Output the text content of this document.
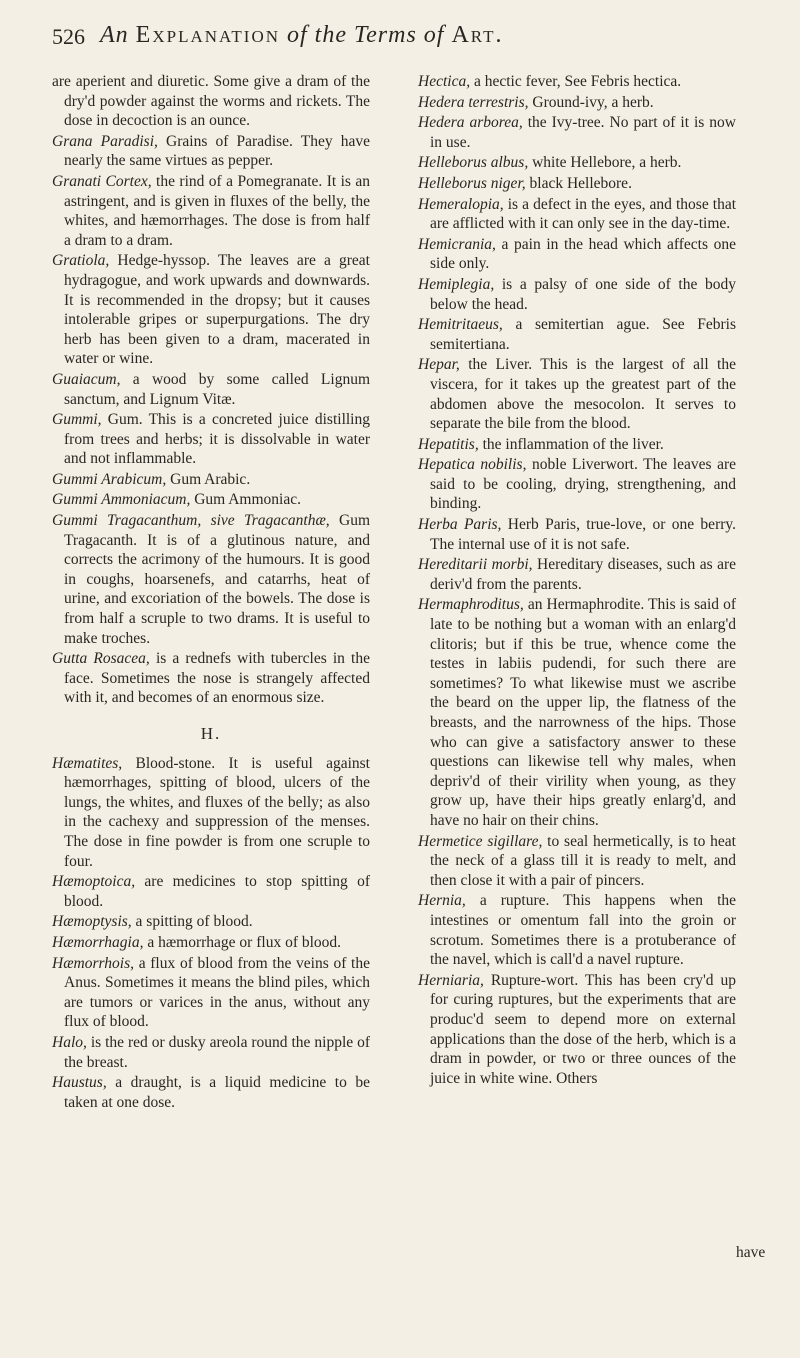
526 An Explanation of the Terms of Art.

are aperient and diuretic. Some give a dram of the dry'd powder against the worms and rickets. The dose in decoction is an ounce.

Grana Paradisi, Grains of Paradise. They have nearly the same virtues as pepper.

Granati Cortex, the rind of a Pomegranate. It is an astringent, and is given in fluxes of the belly, the whites, and hæmorrhages. The dose is from half a dram to a dram.

Gratiola, Hedge-hyssop. The leaves are a great hydragogue, and work upwards and downwards. It is recommended in the dropsy; but it causes intolerable gripes or superpurgations. The dry herb has been given to a dram, macerated in water or wine.

Guaiacum, a wood by some called Lignum sanctum, and Lignum Vitæ.

Gummi, Gum. This is a concreted juice distilling from trees and herbs; it is dissolvable in water and not inflammable.

Gummi Arabicum, Gum Arabic.

Gummi Ammoniacum, Gum Ammoniac.

Gummi Tragacanthum, sive Tragacanthæ, Gum Tragacanth. It is of a glutinous nature, and corrects the acrimony of the humours. It is good in coughs, hoarsenefs, and catarrhs, heat of urine, and excoriation of the bowels. The dose is from half a scruple to two drams. It is useful to make troches.

Gutta Rosacea, is a rednefs with tubercles in the face. Sometimes the nose is strangely affected with it, and becomes of an enormous size.

H.

Hæmatites, Blood-stone. It is useful against hæmorrhages, spitting of blood, ulcers of the lungs, the whites, and fluxes of the belly; as also in the cachexy and suppression of the menses. The dose in fine powder is from one scruple to four.

Hæmoptoica, are medicines to stop spitting of blood.

Hæmoptysis, a spitting of blood.

Hæmorrhagia, a hæmorrhage or flux of blood.

Hæmorrhois, a flux of blood from the veins of the Anus. Sometimes it means the blind piles, which are tumors or varices in the anus, without any flux of blood.

Halo, is the red or dusky areola round the nipple of the breast.

Haustus, a draught, is a liquid medicine to be taken at one dose.

Hectica, a hectic fever, See Febris hectica.

Hedera terrestris, Ground-ivy, a herb.

Hedera arborea, the Ivy-tree. No part of it is now in use.

Helleborus albus, white Hellebore, a herb.

Helleborus niger, black Hellebore.

Hemeralopia, is a defect in the eyes, and those that are afflicted with it can only see in the day-time.

Hemicrania, a pain in the head which affects one side only.

Hemiplegia, is a palsy of one side of the body below the head.

Hemitritaeus, a semitertian ague. See Febris semitertiana.

Hepar, the Liver. This is the largest of all the viscera, for it takes up the greatest part of the abdomen above the mesocolon. It serves to separate the bile from the blood.

Hepatitis, the inflammation of the liver.

Hepatica nobilis, noble Liverwort. The leaves are said to be cooling, drying, strengthening, and binding.

Herba Paris, Herb Paris, true-love, or one berry. The internal use of it is not safe.

Hereditarii morbi, Hereditary diseases, such as are deriv'd from the parents.

Hermaphroditus, an Hermaphrodite. This is said of late to be nothing but a woman with an enlarg'd clitoris; but if this be true, whence come the testes in labiis pudendi, for such there are sometimes? To what likewise must we ascribe the beard on the upper lip, the flatness of the breasts, and the narrowness of the hips. Those who can give a satisfactory answer to these questions can likewise tell why males, when depriv'd of their virility when young, as they grow up, have their hips greatly enlarg'd, and have no hair on their chins.

Hermetice sigillare, to seal hermetically, is to heat the neck of a glass till it is ready to melt, and then close it with a pair of pincers.

Hernia, a rupture. This happens when the intestines or omentum fall into the groin or scrotum. Sometimes there is a protuberance of the navel, which is call'd a navel rupture.

Herniaria, Rupture-wort. This has been cry'd up for curing ruptures, but the experiments that are produc'd seem to depend more on external applications than the dose of the herb, which is a dram in powder, or two or three ounces of the juice in white wine. Others

have
